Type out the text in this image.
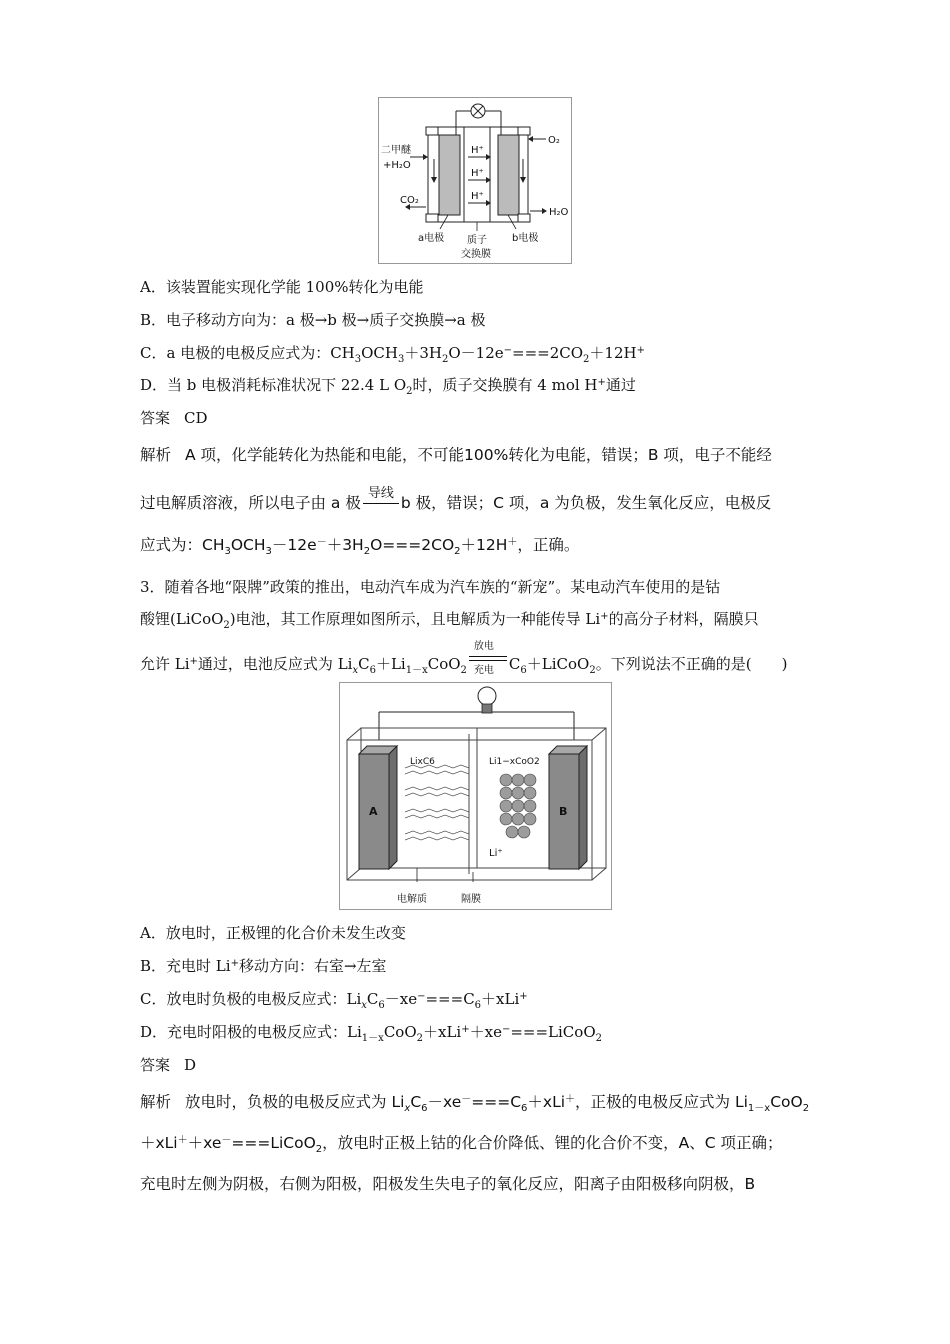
H⁺
H⁺
H⁺
二甲醚
+H₂O
CO₂
O₂
H₂O
a电极 质子
交换膜
b电极
A．该装置能实现化学能 100%转化为电能
B．电子移动方向为：a 极→b 极→质子交换膜→a 极
C．a 电极的电极反应式为：$CH_3OCH_3+3H_2O-12e^-===2CO_2+12H^+$
D．当 b 电极消耗标准状况下 22.4 L $O_2$时，质子交换膜有 4 mol H+通过
答案 CD
解析 A 项，化学能转化为热能和电能，不可能100%转化为电能，错误；B 项，电子不能经
过电解质溶液，所以电子由 a 极
导线
b 极，错误；C 项，a 为负极，发生氧化反应，电极反
应式为：$CH_3OCH_3-12e^-+3H_2O===2CO_2+12H^+$，正确。
3．随着各地“限牌”政策的推出，电动汽车成为汽车族的“新宠”。某电动汽车使用的是钴
酸锂(LiCoO$_2$)电池，其工作原理如图所示，且电解质为一种能传导 Li+的高分子材料，隔膜只
允许 Li+通过，电池反应式为 $Li_xC_6+Li_{1-x}CoO_2$
放电
充电 $C_6+LiCoO_2$。下列说法不正确的是(　　)
A	B
LixC6	Li1−xCoO2
Li⁺
电解质	隔膜
A．放电时，正极锂的化合价未发生改变
B．充电时 Li+移动方向：右室→左室
C．放电时负极的电极反应式：$Li_xC_6-xe^-===C_6+xLi^+$
D．充电时阳极的电极反应式：$Li_{1-x}CoO_2+xLi^++xe^-===LiCoO_2$
答案 D
解析 放电时，负极的电极反应式为 $Li_xC_6-xe^-===C_6+xLi^+$，正极的电极反应式为 $Li_{1-x}CoO_2$
＋xLi＋＋xe－===LiCoO$_2$，放电时正极上钴的化合价降低、锂的化合价不变，A、C 项正确；
充电时左侧为阴极，右侧为阳极，阳极发生失电子的氧化反应，阳离子由阳极移向阴极，B
